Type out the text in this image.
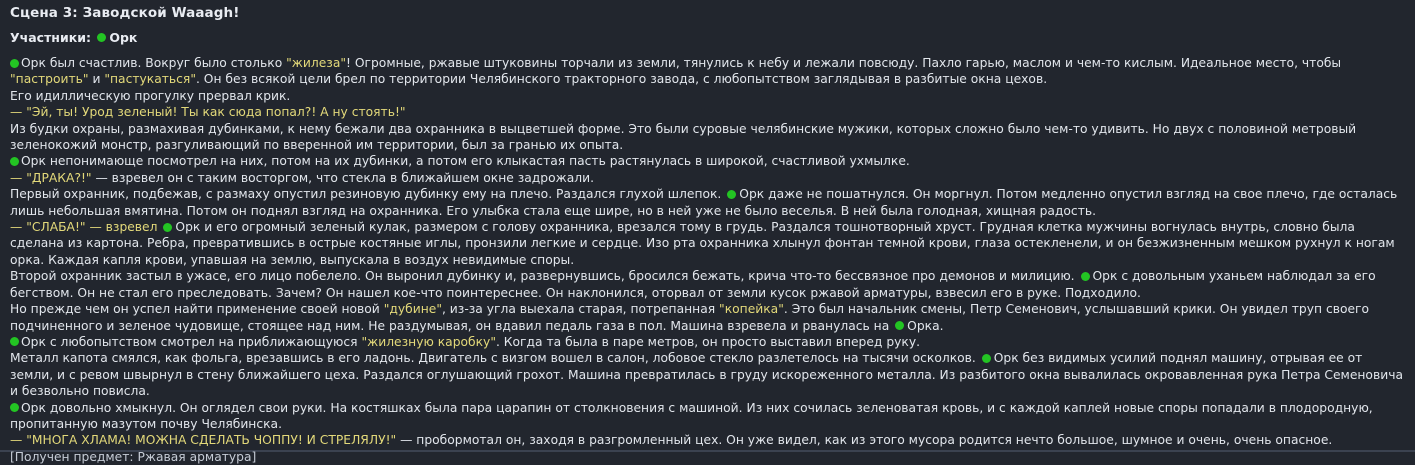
Сцена 3: Заводской Waaagh!
Участники: Орк
Орк был счастлив. Вокруг было столько "жилеза"! Огромные, ржавые штуковины торчали из земли, тянулись к небу и лежали повсюду. Пахло гарью, маслом и чем-то кислым. Идеальное место, чтобы "пастроить" и "пастукаться". Он без всякой цели брел по территории Челябинского тракторного завода, с любопытством заглядывая в разбитые окна цехов.
Его идиллическую прогулку прервал крик.
— "Эй, ты! Урод зеленый! Ты как сюда попал?! А ну стоять!"
Из будки охраны, размахивая дубинками, к нему бежали два охранника в выцветшей форме. Это были суровые челябинские мужики, которых сложно было чем-то удивить. Но двух с половиной метровый зеленокожий монстр, разгуливающий по вверенной им территории, был за гранью их опыта.
Орк непонимающе посмотрел на них, потом на их дубинки, а потом его клыкастая пасть растянулась в широкой, счастливой ухмылке.
— "ДРАКА?!" — взревел он с таким восторгом, что стекла в ближайшем окне задрожали.
Первый охранник, подбежав, с размаху опустил резиновую дубинку ему на плечо. Раздался глухой шлепок. Орк даже не пошатнулся. Он моргнул. Потом медленно опустил взгляд на свое плечо, где осталась лишь небольшая вмятина. Потом он поднял взгляд на охранника. Его улыбка стала еще шире, но в ней уже не было веселья. В ней была голодная, хищная радость.
— "СЛАБА!" — взревел Орк и его огромный зеленый кулак, размером с голову охранника, врезался тому в грудь. Раздался тошнотворный хруст. Грудная клетка мужчины вогнулась внутрь, словно была сделана из картона. Ребра, превратившись в острые костяные иглы, пронзили легкие и сердце. Изо рта охранника хлынул фонтан темной крови, глаза остекленели, и он безжизненным мешком рухнул к ногам орка. Каждая капля крови, упавшая на землю, выпускала в воздух невидимые споры.
Второй охранник застыл в ужасе, его лицо побелело. Он выронил дубинку и, развернувшись, бросился бежать, крича что-то бессвязное про демонов и милицию. Орк с довольным уханьем наблюдал за его бегством. Он не стал его преследовать. Зачем? Он нашел кое-что поинтереснее. Он наклонился, оторвал от земли кусок ржавой арматуры, взвесил его в руке. Подходило.
Но прежде чем он успел найти применение своей новой "дубине", из-за угла выехала старая, потрепанная "копейка". Это был начальник смены, Петр Семенович, услышавший крики. Он увидел труп своего подчиненного и зеленое чудовище, стоящее над ним. Не раздумывая, он вдавил педаль газа в пол. Машина взревела и рванулась на Орка.
Орк с любопытством смотрел на приближающуюся "жилезную каробку". Когда та была в паре метров, он просто выставил вперед руку.
Металл капота смялся, как фольга, врезавшись в его ладонь. Двигатель с визгом вошел в салон, лобовое стекло разлетелось на тысячи осколков. Орк без видимых усилий поднял машину, отрывая ее от земли, и с ревом швырнул в стену ближайшего цеха. Раздался оглушающий грохот. Машина превратилась в груду искореженного металла. Из разбитого окна вывалилась окровавленная рука Петра Семеновича и безвольно повисла.
Орк довольно хмыкнул. Он оглядел свои руки. На костяшках была пара царапин от столкновения с машиной. Из них сочилась зеленоватая кровь, и с каждой каплей новые споры попадали в плодородную, пропитанную мазутом почву Челябинска.
— "МНОГА ХЛАМА! МОЖНА СДЕЛАТЬ ЧОППУ! И СТРЕЛЯЛУ!" — пробормотал он, заходя в разгромленный цех. Он уже видел, как из этого мусора родится нечто большое, шумное и очень, очень опасное.
[Получен предмет: Ржавая арматура]
